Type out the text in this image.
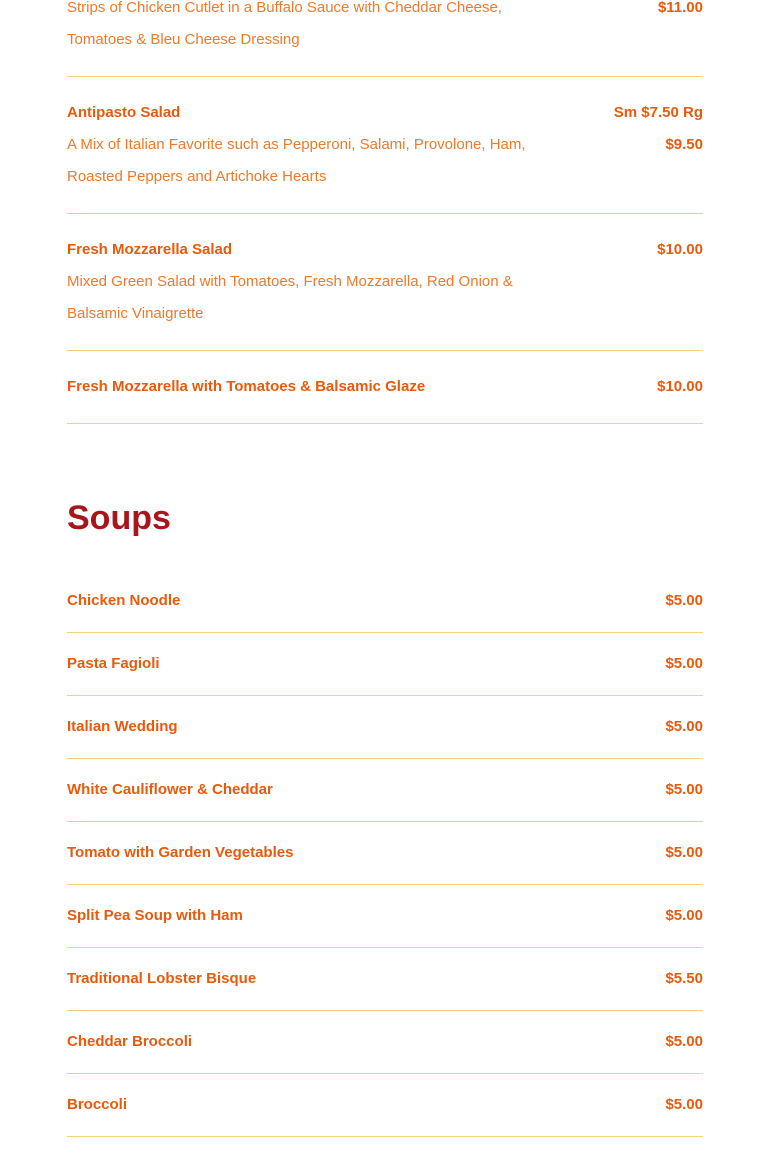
Strips of Chicken Cutlet in a Buffalo Sauce with Cheddar Cheese, Tomatoes & Bleu Cheese Dressing
$11.00
Antipasto Salad
A Mix of Italian Favorite such as Pepperoni, Salami, Provolone, Ham, Roasted Peppers and Artichoke Hearts
Sm $7.50 Rg
$9.50
Fresh Mozzarella Salad
Mixed Green Salad with Tomatoes, Fresh Mozzarella, Red Onion & Balsamic Vinaigrette
$10.00
Fresh Mozzarella with Tomatoes & Balsamic Glaze	$10.00
Soups
Chicken Noodle	$5.00
Pasta Fagioli	$5.00
Italian Wedding	$5.00
White Cauliflower & Cheddar	$5.00
Tomato with Garden Vegetables	$5.00
Split Pea Soup with Ham	$5.00
Traditional Lobster Bisque	$5.50
Cheddar Broccoli	$5.00
Broccoli	$5.00
